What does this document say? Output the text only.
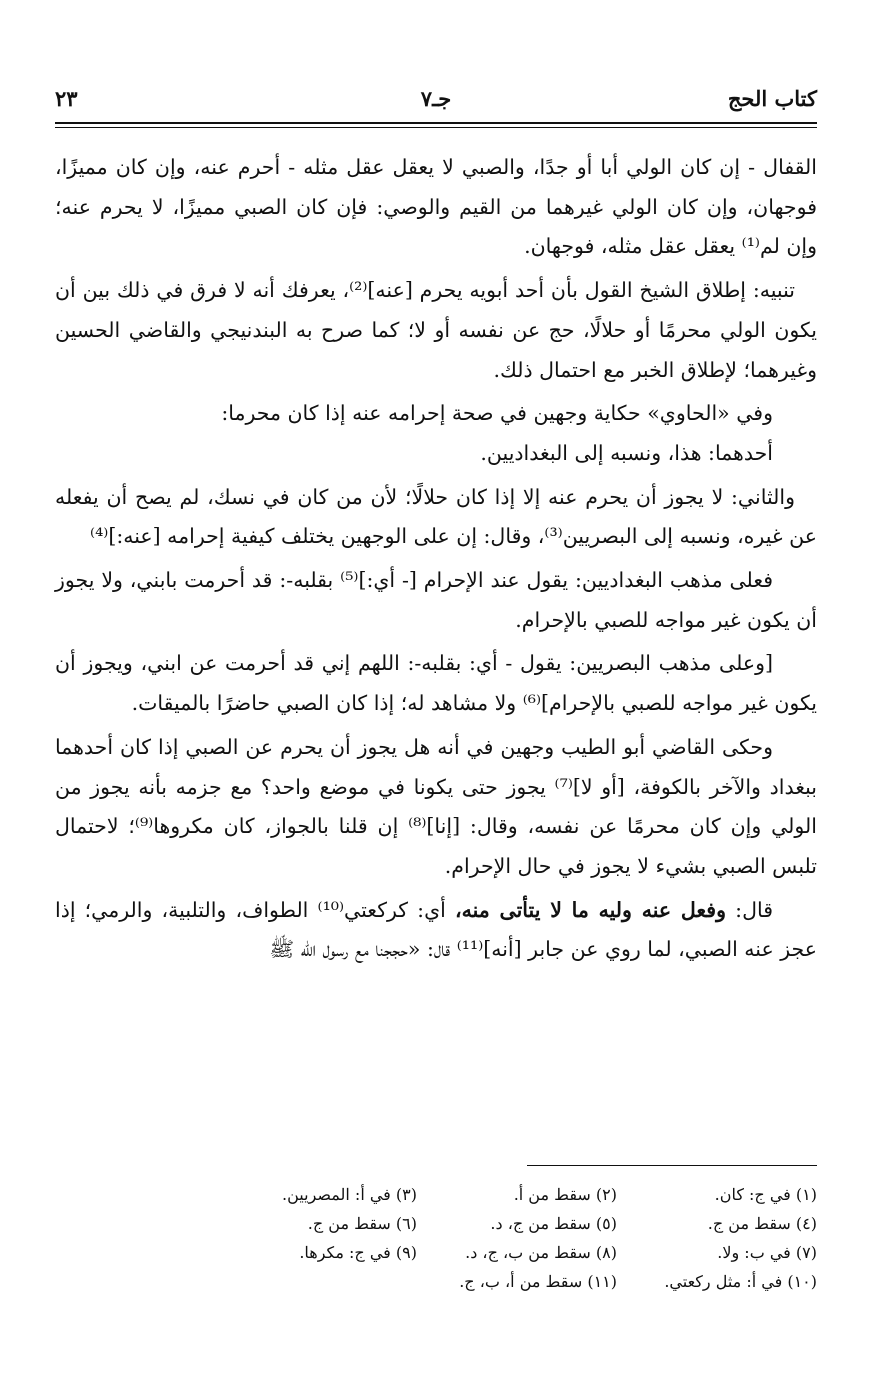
كتاب الحج
جـ٧
٢٣

القفال - إن كان الولي أبا أو جدًا، والصبي لا يعقل عقل مثله - أحرم عنه، وإن كان مميزًا، فوجهان، وإن كان الولي غيرهما من القيم والوصي: فإن كان الصبي مميزًا، لا يحرم عنه؛ وإن لم⁽¹⁾ يعقل عقل مثله، فوجهان.

تنبيه: إطلاق الشيخ القول بأن أحد أبويه يحرم [عنه]⁽²⁾، يعرفك أنه لا فرق في ذلك بين أن يكون الولي محرمًا أو حلالًا، حج عن نفسه أو لا؛ كما صرح به البندنيجي والقاضي الحسين وغيرهما؛ لإطلاق الخبر مع احتمال ذلك.

وفي «الحاوي» حكاية وجهين في صحة إحرامه عنه إذا كان محرما:

أحدهما: هذا، ونسبه إلى البغداديين.

والثاني: لا يجوز أن يحرم عنه إلا إذا كان حلالًا؛ لأن من كان في نسك، لم يصح أن يفعله عن غيره، ونسبه إلى البصريين⁽³⁾، وقال: إن على الوجهين يختلف كيفية إحرامه [عنه:]⁽⁴⁾

فعلى مذهب البغداديين: يقول عند الإحرام [- أي:]⁽⁵⁾ بقلبه-: قد أحرمت بابني، ولا يجوز أن يكون غير مواجه للصبي بالإحرام.

[وعلى مذهب البصريين: يقول - أي: بقلبه-: اللهم إني قد أحرمت عن ابني، ويجوز أن يكون غير مواجه للصبي بالإحرام]⁽⁶⁾ ولا مشاهد له؛ إذا كان الصبي حاضرًا بالميقات.

وحكى القاضي أبو الطيب وجهين في أنه هل يجوز أن يحرم عن الصبي إذا كان أحدهما ببغداد والآخر بالكوفة، [أو لا]⁽⁷⁾ يجوز حتى يكونا في موضع واحد؟ مع جزمه بأنه يجوز من الولي وإن كان محرمًا عن نفسه، وقال: [إنا]⁽⁸⁾ إن قلنا بالجواز، كان مكروها⁽⁹⁾؛ لاحتمال تلبس الصبي بشيء لا يجوز في حال الإحرام.

قال: وفعل عنه وليه ما لا يتأتى منه، أي: كركعتي⁽¹⁰⁾ الطواف، والتلبية، والرمي؛ إذا عجز عنه الصبي، لما روي عن جابر [أنه]⁽¹¹⁾ قال: «حججنا مع رسول الله ﷺ

(١) في ج: كان.
(٢) سقط من أ.
(٣) في أ: المصريين.
(٤) سقط من ج.
(٥) سقط من ج، د.
(٦) سقط من ج.
(٧) في ب: ولا.
(٨) سقط من ب، ج، د.
(٩) في ج: مكرها.
(١٠) في أ: مثل ركعتي.
(١١) سقط من أ، ب، ج.
